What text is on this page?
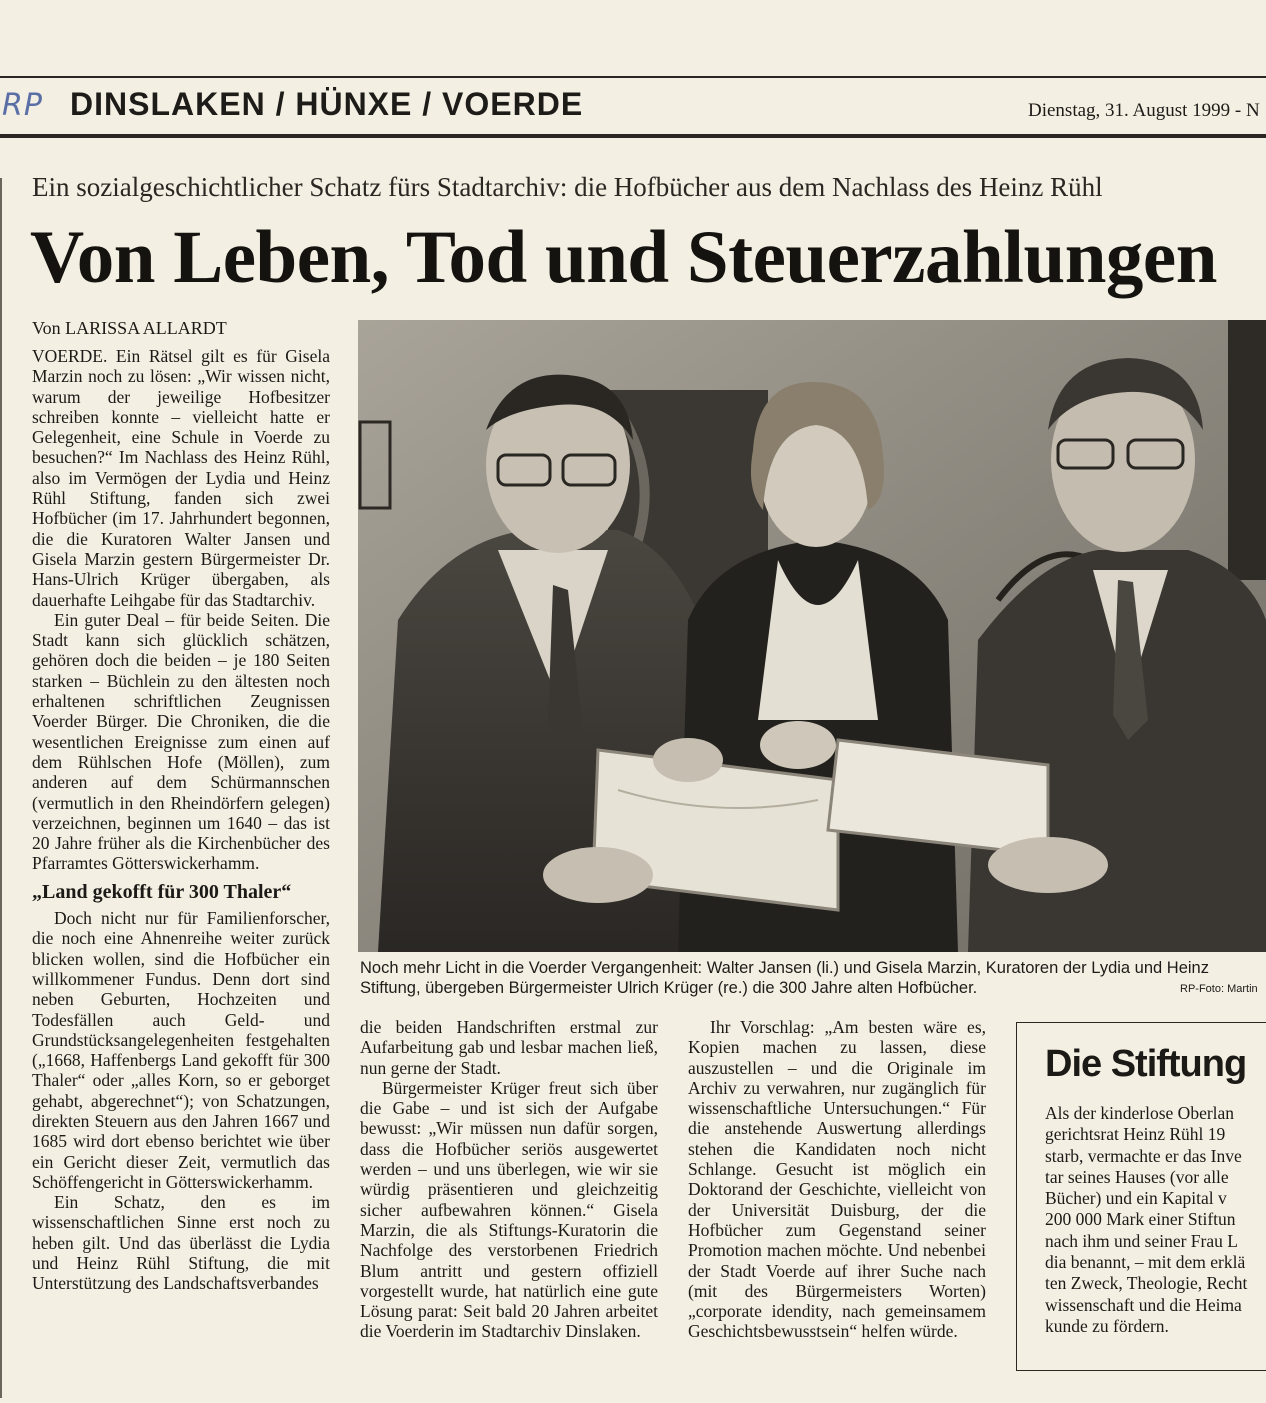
RP DINSLAKEN / HÜNXE / VOERDE	Dienstag, 31. August 1999 - N
Ein sozialgeschichtlicher Schatz fürs Stadtarchiv: die Hofbücher aus dem Nachlass des Heinz Rühl
Von Leben, Tod und Steuerzahlungen
Von LARISSA ALLARDT

VOERDE. Ein Rätsel gilt es für Gisela Marzin noch zu lösen: „Wir wissen nicht, warum der jeweilige Hofbesitzer schreiben konnte – vielleicht hatte er Gelegenheit, eine Schule in Voerde zu besuchen?“ Im Nachlass des Heinz Rühl, also im Vermögen der Lydia und Heinz Rühl Stiftung, fanden sich zwei Hofbücher (im 17. Jahrhundert begonnen, die die Kuratoren Walter Jansen und Gisela Marzin gestern Bürgermeister Dr. Hans-Ulrich Krüger übergaben, als dauerhafte Leihgabe für das Stadtarchiv.

Ein guter Deal – für beide Seiten. Die Stadt kann sich glücklich schätzen, gehören doch die beiden – je 180 Seiten starken – Büchlein zu den ältesten noch erhaltenen schriftlichen Zeugnissen Voerder Bürger. Die Chroniken, die die wesentlichen Ereignisse zum einen auf dem Rühlschen Hofe (Möllen), zum anderen auf dem Schürmannschen (vermutlich in den Rheindörfern gelegen) verzeichnen, beginnen um 1640 – das ist 20 Jahre früher als die Kirchenbücher des Pfarramtes Götterswickerhamm.

„Land gekofft für 300 Thaler“

Doch nicht nur für Familienforscher, die noch eine Ahnenreihe weiter zurück blicken wollen, sind die Hofbücher ein willkommener Fundus. Denn dort sind neben Geburten, Hochzeiten und Todesfällen auch Geld- und Grundstücksangelegenheiten festgehalten („1668, Haffenbergs Land gekofft für 300 Thaler“ oder „alles Korn, so er geborget gehabt, abgerechnet“); von Schatzungen, direkten Steuern aus den Jahren 1667 und 1685 wird dort ebenso berichtet wie über ein Gericht dieser Zeit, vermutlich das Schöffengericht in Götterswickerhamm.

Ein Schatz, den es im wissenschaftlichen Sinne erst noch zu heben gilt. Und das überlässt die Lydia und Heinz Rühl Stiftung, die mit Unterstützung des Landschaftsverbandes

Noch mehr Licht in die Voerder Vergangenheit: Walter Jansen (li.) und Gisela Marzin, Kuratoren der Lydia und Heinz
Stiftung, übergeben Bürgermeister Ulrich Krüger (re.) die 300 Jahre alten Hofbücher.	RP-Foto: Martin

die beiden Handschriften erstmal zur Aufarbeitung gab und lesbar machen ließ, nun gerne der Stadt.

Bürgermeister Krüger freut sich über die Gabe – und ist sich der Aufgabe bewusst: „Wir müssen nun dafür sorgen, dass die Hofbücher seriös ausgewertet werden – und uns überlegen, wie wir sie würdig präsentieren und gleichzeitig sicher aufbewahren können.“ Gisela Marzin, die als Stiftungs-Kuratorin die Nachfolge des verstorbenen Friedrich Blum antritt und gestern offiziell vorgestellt wurde, hat natürlich eine gute Lösung parat: Seit bald 20 Jahren arbeitet die Voerderin im Stadtarchiv Dinslaken.

Ihr Vorschlag: „Am besten wäre es, Kopien machen zu lassen, diese auszustellen – und die Originale im Archiv zu verwahren, nur zugänglich für wissenschaftliche Untersuchungen.“ Für die anstehende Auswertung allerdings stehen die Kandidaten noch nicht Schlange. Gesucht ist möglich ein Doktorand der Geschichte, vielleicht von der Universität Duisburg, der die Hofbücher zum Gegenstand seiner Promotion machen möchte. Und nebenbei der Stadt Voerde auf ihrer Suche nach (mit des Bürgermeisters Worten) „corporate idendity, nach gemeinsamem Geschichtsbewusstsein“ helfen würde.

Die Stiftung
Als der kinderlose Oberlan
gerichtsrat Heinz Rühl 19
starb, vermachte er das Inve
tar seines Hauses (vor alle
Bücher) und ein Kapital v
200 000 Mark einer Stiftun
nach ihm und seiner Frau L
dia benannt, – mit dem erklä
ten Zweck, Theologie, Recht
wissenschaft und die Heima
kunde zu fördern.
